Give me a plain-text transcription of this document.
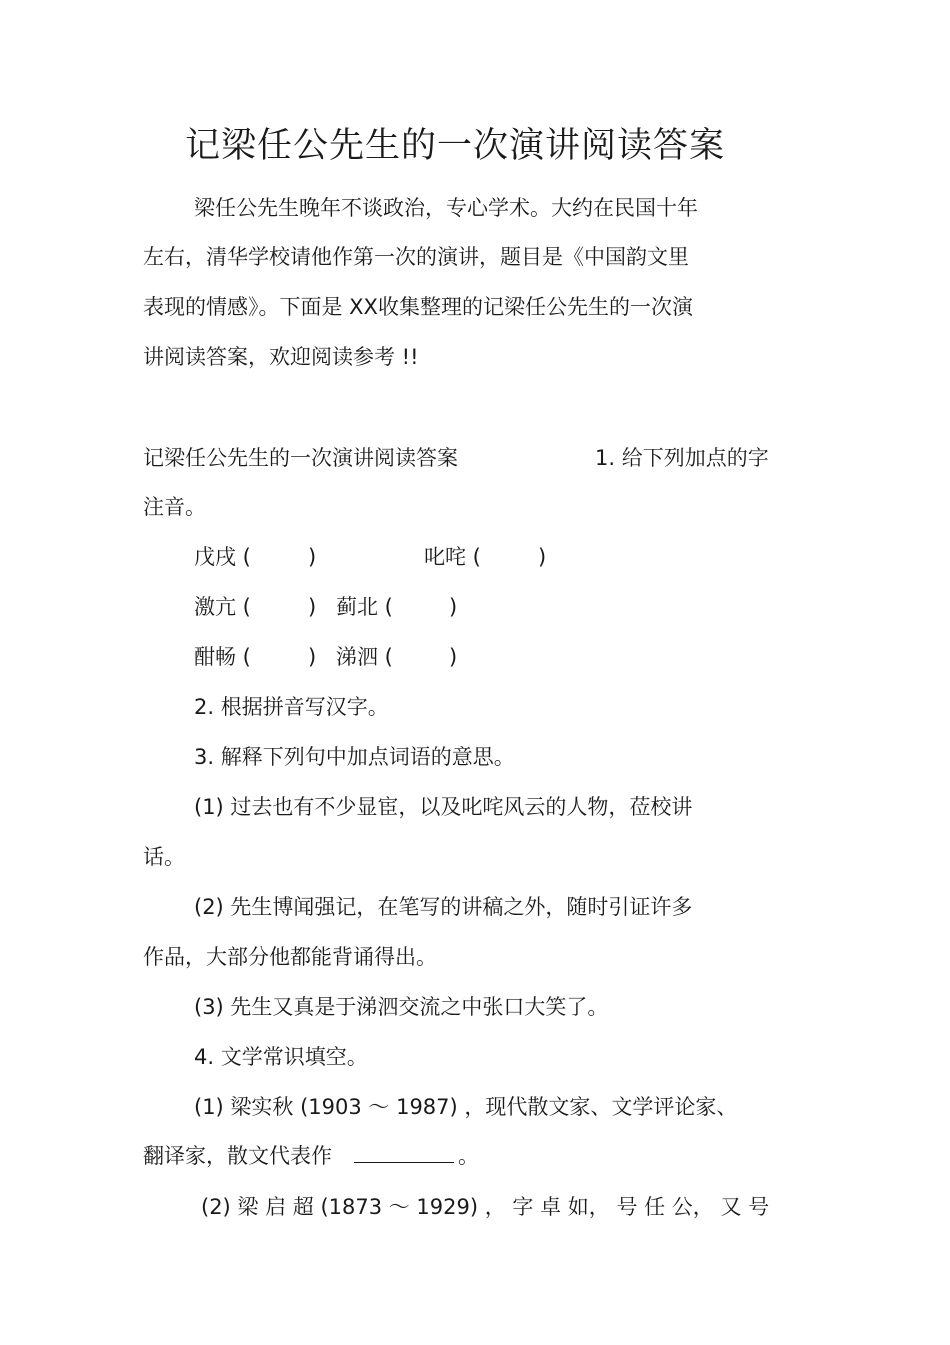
记梁任公先生的一次演讲阅读答案
梁任公先生晚年不谈政治，专心学术。大约在民国十年
左右，清华学校请他作第一次的演讲，题目是《中国韵文里
表现的情感》。下面是 XX收集整理的记梁任公先生的一次演
讲阅读答案，欢迎阅读参考 !!
记梁任公先生的一次演讲阅读答案	1. 给下列加点的字
注音。
戊戌 (	)	叱咤 (	)
激亢 (	) 蓟北 (	)
酣畅 (	) 涕泗 (	)
2. 根据拼音写汉字。
3. 解释下列句中加点词语的意思。
(1) 过去也有不少显宦，以及叱咤风云的人物，莅校讲
话。
(2) 先生博闻强记，在笔写的讲稿之外，随时引证许多
作品，大部分他都能背诵得出。
(3) 先生又真是于涕泗交流之中张口大笑了。
4. 文学常识填空。
(1) 梁实秋 (1903 ～ 1987) ，现代散文家、文学评论家、
翻译家，散文代表作	。
(2) 梁 启 超 (1873 ～ 1929) ， 字 卓 如， 号 任 公， 又 号
